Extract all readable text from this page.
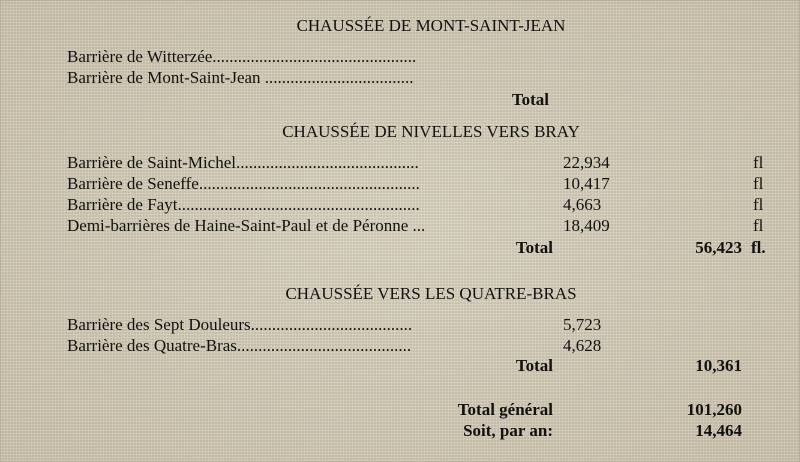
CHAUSSÉE DE MONT-SAINT-JEAN
Barrière de Witterzée................................................
Barrière de Mont-Saint-Jean ...................................
Total
CHAUSSÉE DE NIVELLES VERS BRAY
Barrière de Saint-Michel...........................................	22,934	fl
Barrière de Seneffe....................................................	10,417	fl
Barrière de Fayt.........................................................	4,663	fl
Demi-barrières de Haine-Saint-Paul et de Péronne ...	18,409	fl
Total	56,423 fl.
CHAUSSÉE VERS LES QUATRE-BRAS
Barrière des Sept Douleurs......................................	5,723
Barrière des Quatre-Bras.........................................	4,628
Total	10,361
Total général	101,260
Soit, par an:	14,464
